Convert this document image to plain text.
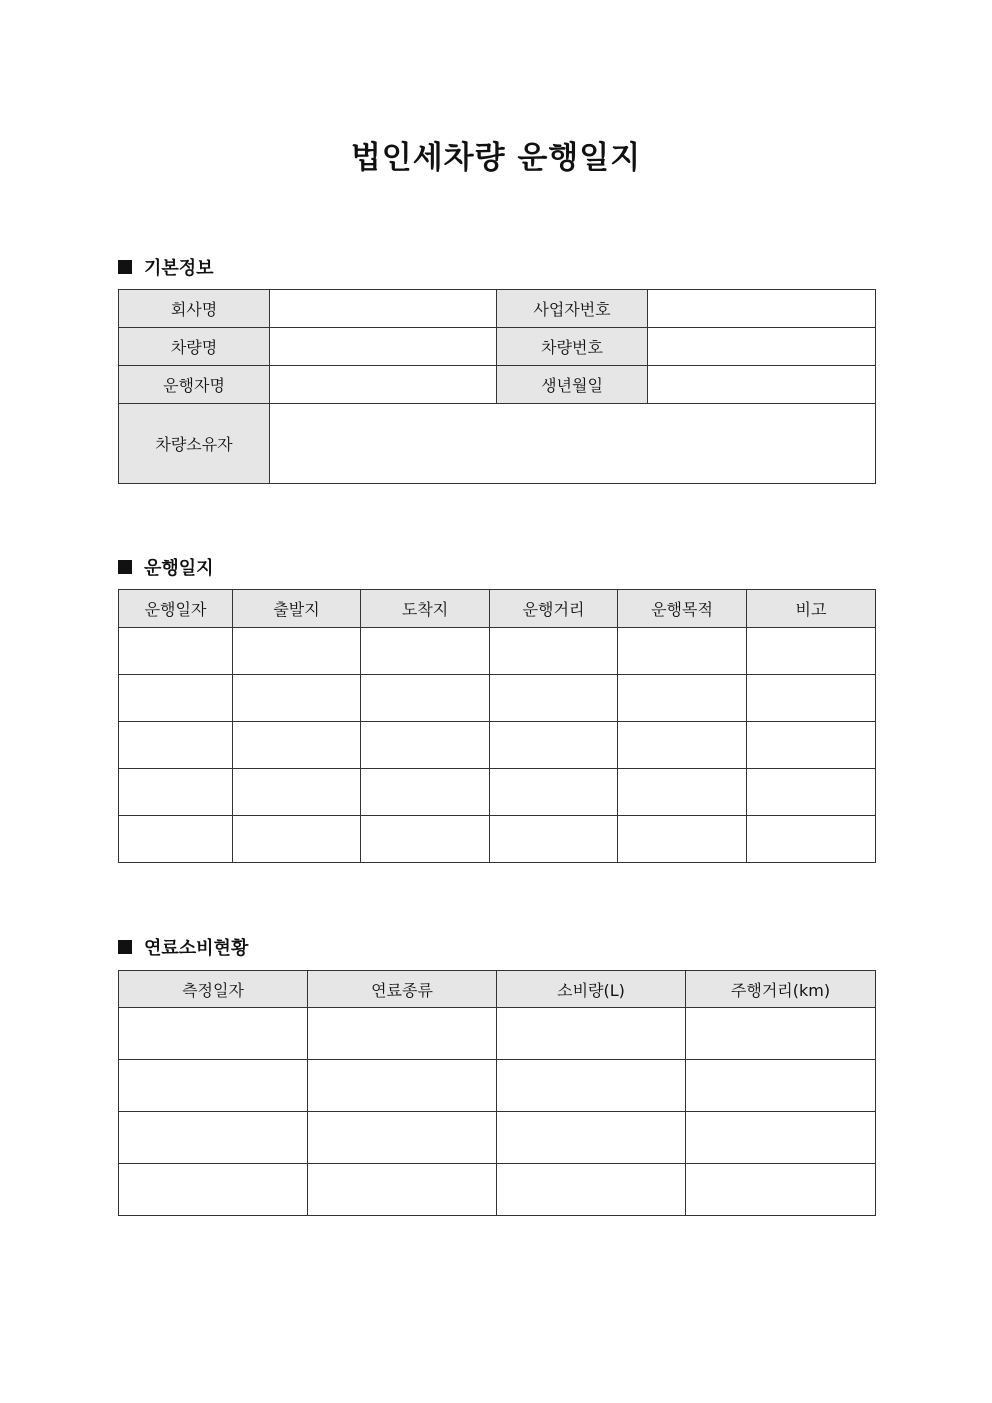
법인세차량 운행일지
기본정보
회사명		사업자번호	
차량명		차량번호	
운행자명		생년월일	
차량소유자			
운행일지
운행일자	출발지	도착지	운행거리	운행목적	비고

연료소비현황
측정일자	연료종류	소비량(L)	주행거리(km)
